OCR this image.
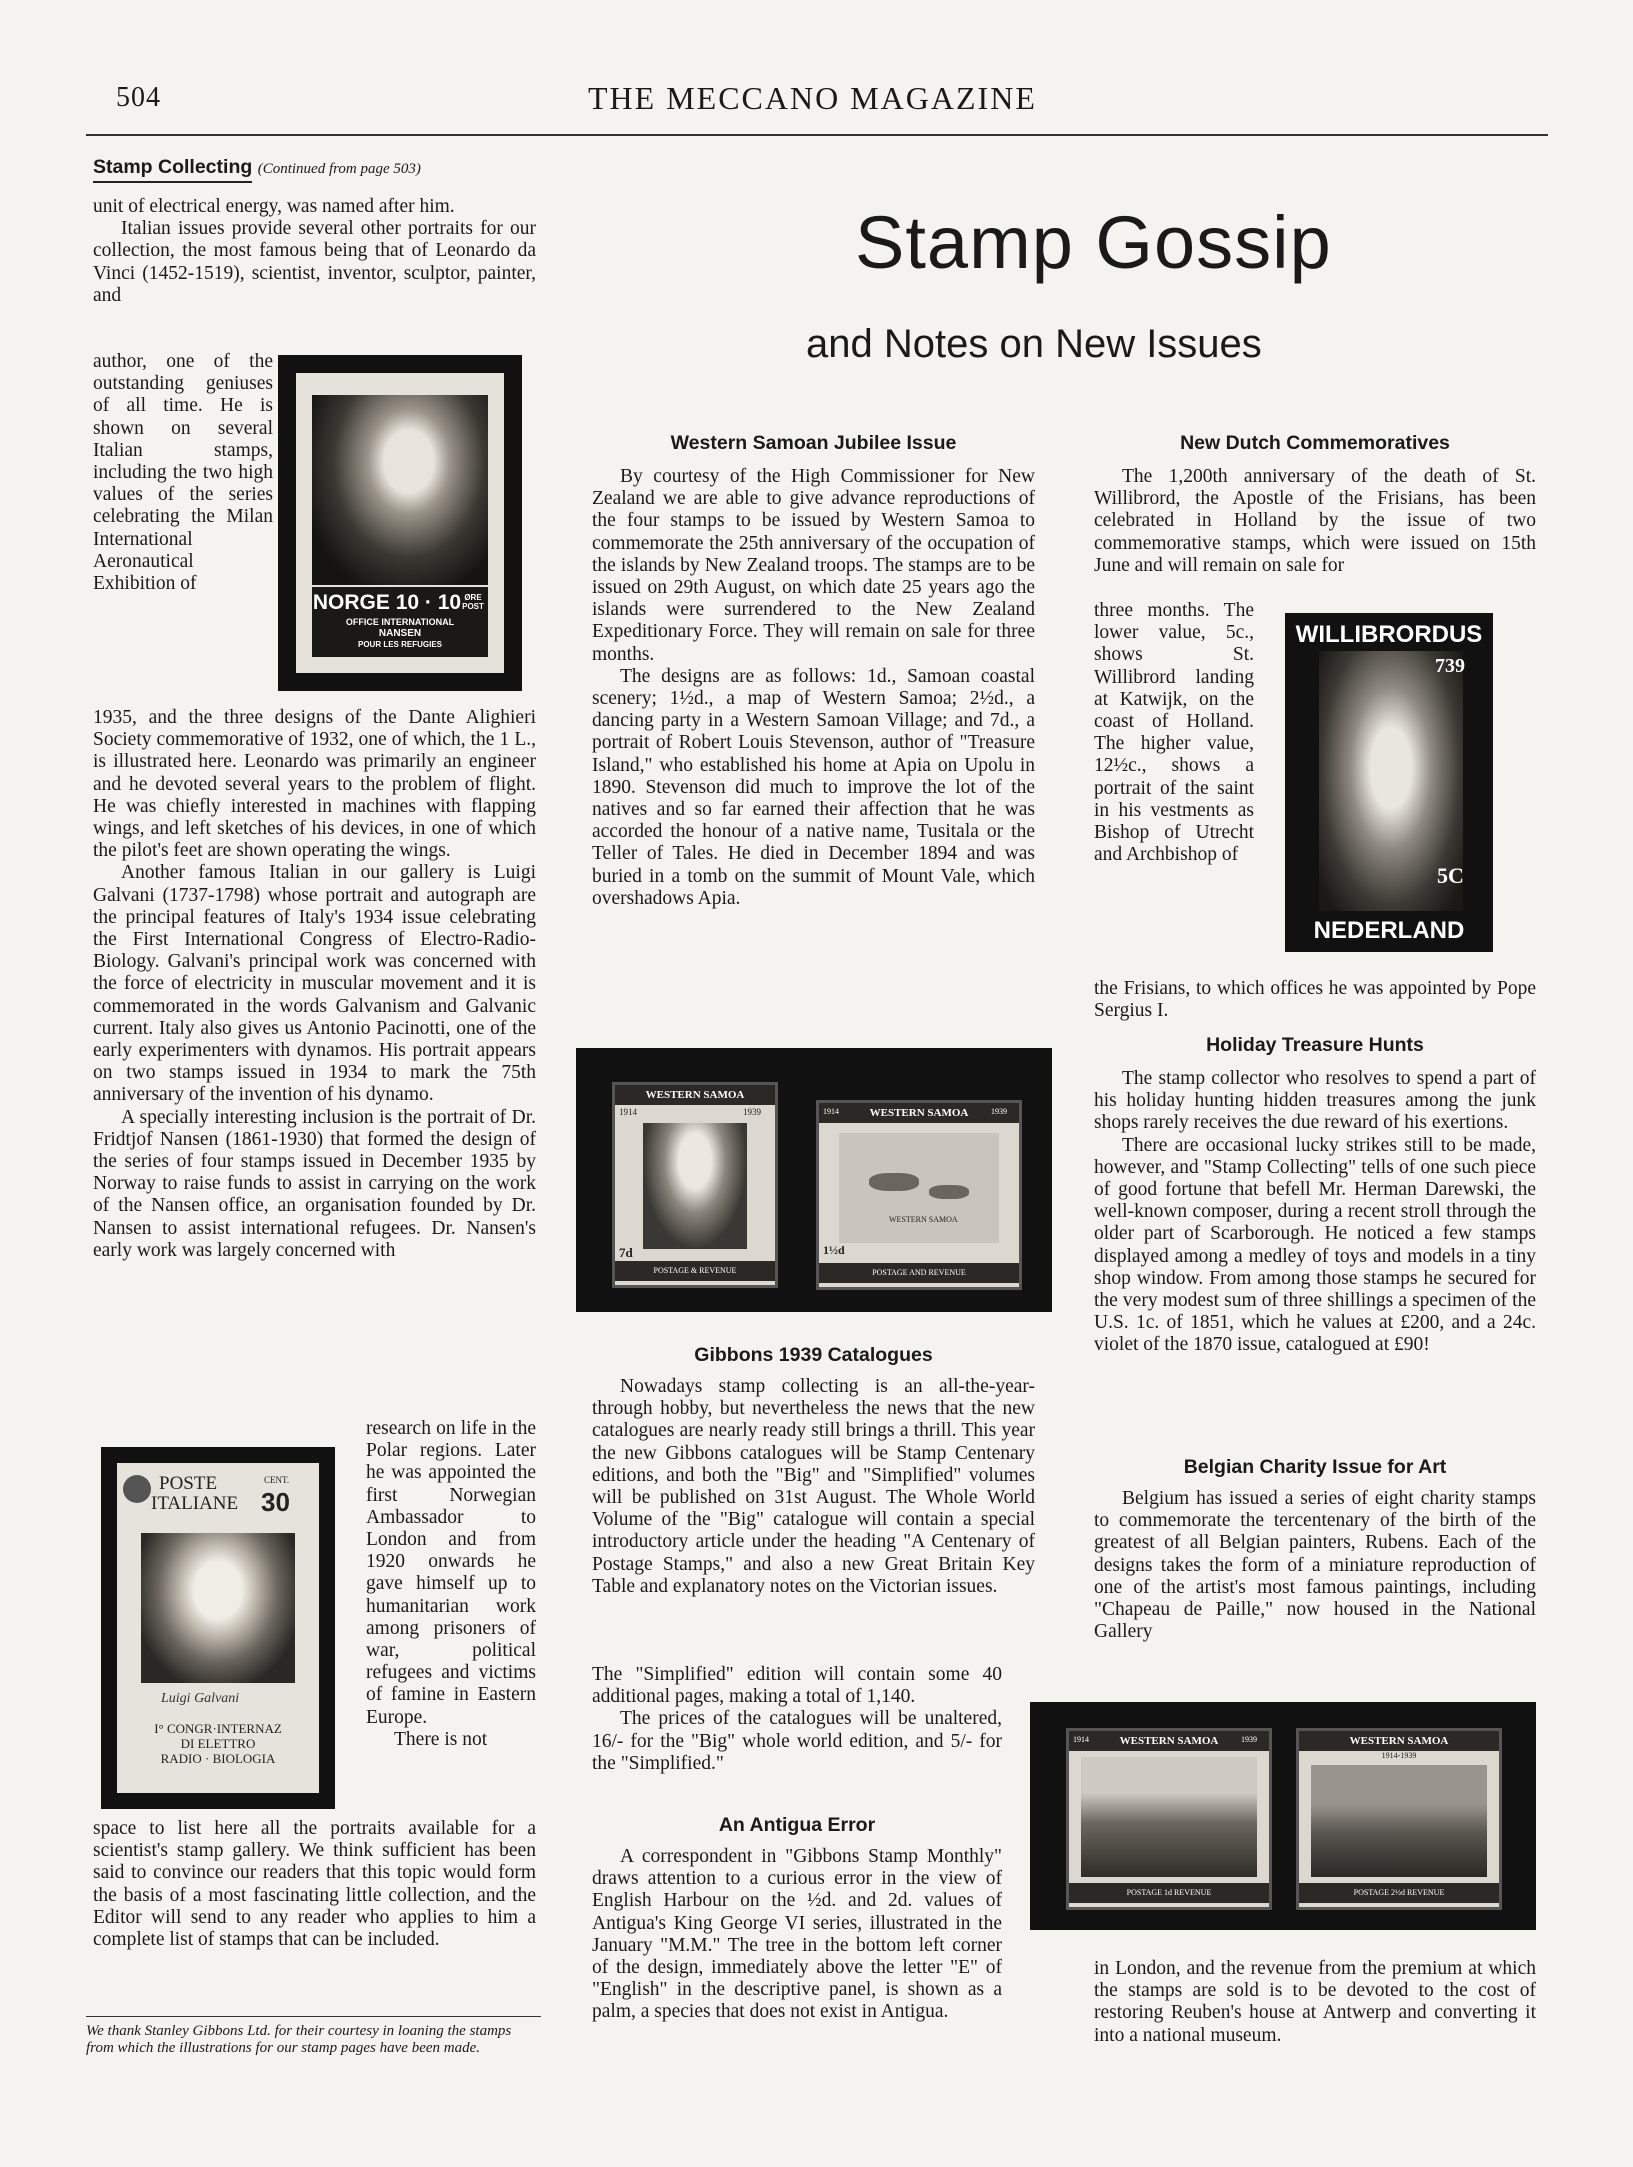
504	THE MECCANO MAGAZINE
Stamp Collecting (Continued from page 503)

unit of electrical energy, was named after him.

Italian issues provide several other portraits for our collection, the most famous being that of Leonardo da Vinci (1452-1519), scientist, inventor, sculptor, painter, and

author, one of the outstanding geniuses of all time. He is shown on several Italian stamps, including the two high values of the series celebrating the Milan International Aeronautical Exhibition of

NORGE 10 · 10 ØRE POST
OFFICE INTERNATIONAL
NANSEN
POUR LES REFUGIES

1935, and the three designs of the Dante Alighieri Society commemorative of 1932, one of which, the 1 L., is illustrated here. Leonardo was primarily an engineer and he devoted several years to the problem of flight. He was chiefly interested in machines with flapping wings, and left sketches of his devices, in one of which the pilot's feet are shown operating the wings.

Another famous Italian in our gallery is Luigi Galvani (1737-1798) whose portrait and autograph are the principal features of Italy's 1934 issue celebrating the First International Congress of Electro-Radio-Biology. Galvani's principal work was concerned with the force of electricity in muscular movement and it is commemorated in the words Galvanism and Galvanic current. Italy also gives us Antonio Pacinotti, one of the early experimenters with dynamos. His portrait appears on two stamps issued in 1934 to mark the 75th anniversary of the invention of his dynamo.

A specially interesting inclusion is the portrait of Dr. Fridtjof Nansen (1861-1930) that formed the design of the series of four stamps issued in December 1935 by Norway to raise funds to assist in carrying on the work of the Nansen office, an organisation founded by Dr. Nansen to assist international refugees. Dr. Nansen's early work was largely concerned with

POSTE
ITALIANE
CENT.
30
Luigi Galvani
I° CONGR·INTERNAZ
DI ELETTRO
RADIO · BIOLOGIA

research on life in the Polar regions. Later he was appointed the first Norwegian Ambassador to London and from 1920 onwards he gave himself up to humanitarian work among prisoners of war, political refugees and victims of famine in Eastern Europe.

There is not

space to list here all the portraits available for a scientist's stamp gallery. We think sufficient has been said to convince our readers that this topic would form the basis of a most fascinating little collection, and the Editor will send to any reader who applies to him a complete list of stamps that can be included.

We thank Stanley Gibbons Ltd. for their courtesy in loaning the stamps from which the illustrations for our stamp pages have been made.
Stamp Gossip
and Notes on New Issues
Western Samoan Jubilee Issue

By courtesy of the High Commissioner for New Zealand we are able to give advance reproductions of the four stamps to be issued by Western Samoa to commemorate the 25th anniversary of the occupation of the islands by New Zealand troops. The stamps are to be issued on 29th August, on which date 25 years ago the islands were surrendered to the New Zealand Expeditionary Force. They will remain on sale for three months.

The designs are as follows: 1d., Samoan coastal scenery; 1½d., a map of Western Samoa; 2½d., a dancing party in a Western Samoan Village; and 7d., a portrait of Robert Louis Stevenson, author of "Treasure Island," who established his home at Apia on Upolu in 1890. Stevenson did much to improve the lot of the natives and so far earned their affection that he was accorded the honour of a native name, Tusitala or the Teller of Tales. He died in December 1894 and was buried in a tomb on the summit of Mount Vale, which overshadows Apia.

WESTERN SAMOA
1914	1939
POSTAGE & REVENUE
7d
WESTERN SAMOA
1914	1939
WESTERN SAMOA
POSTAGE AND REVENUE
1½d
Gibbons 1939 Catalogues

Nowadays stamp collecting is an all-the-year-through hobby, but nevertheless the news that the new catalogues are nearly ready still brings a thrill. This year the new Gibbons catalogues will be Stamp Centenary editions, and both the "Big" and "Simplified" volumes will be published on 31st August. The Whole World Volume of the "Big" catalogue will contain a special introductory article under the heading "A Centenary of Postage Stamps," and also a new Great Britain Key Table and explanatory notes on the Victorian issues.

The "Simplified" edition will contain some 40 additional pages, making a total of 1,140.

The prices of the catalogues will be unaltered, 16/- for the "Big" whole world edition, and 5/- for the "Simplified."

An Antigua Error

A correspondent in "Gibbons Stamp Monthly" draws attention to a curious error in the view of English Harbour on the ½d. and 2d. values of Antigua's King George VI series, illustrated in the January "M.M." The tree in the bottom left corner of the design, immediately above the letter "E" of "English" in the descriptive panel, is shown as a palm, a species that does not exist in Antigua.

New Dutch Commemoratives

The 1,200th anniversary of the death of St. Willibrord, the Apostle of the Frisians, has been celebrated in Holland by the issue of two commemorative stamps, which were issued on 15th June and will remain on sale for

three months. The lower value, 5c., shows St. Willibrord landing at Katwijk, on the coast of Holland. The higher value, 12½c., shows a portrait of the saint in his vestments as Bishop of Utrecht and Archbishop of

WILLIBRORDUS
739
5C
NEDERLAND

the Frisians, to which offices he was appointed by Pope Sergius I.

Holiday Treasure Hunts

The stamp collector who resolves to spend a part of his holiday hunting hidden treasures among the junk shops rarely receives the due reward of his exertions.

There are occasional lucky strikes still to be made, however, and "Stamp Collecting" tells of one such piece of good fortune that befell Mr. Herman Darewski, the well-known composer, during a recent stroll through the older part of Scarborough. He noticed a few stamps displayed among a medley of toys and models in a tiny shop window. From among those stamps he secured for the very modest sum of three shillings a specimen of the U.S. 1c. of 1851, which he values at £200, and a 24c. violet of the 1870 issue, catalogued at £90!

Belgian Charity Issue for Art

Belgium has issued a series of eight charity stamps to commemorate the tercentenary of the birth of the greatest of all Belgian painters, Rubens. Each of the designs takes the form of a miniature reproduction of one of the artist's most famous paintings, including "Chapeau de Paille," now housed in the National Gallery

WESTERN SAMOA
1914	1939
POSTAGE 1d REVENUE
WESTERN SAMOA
1914-1939
POSTAGE 2½d REVENUE

in London, and the revenue from the premium at which the stamps are sold is to be devoted to the cost of restoring Reuben's house at Antwerp and converting it into a national museum.
